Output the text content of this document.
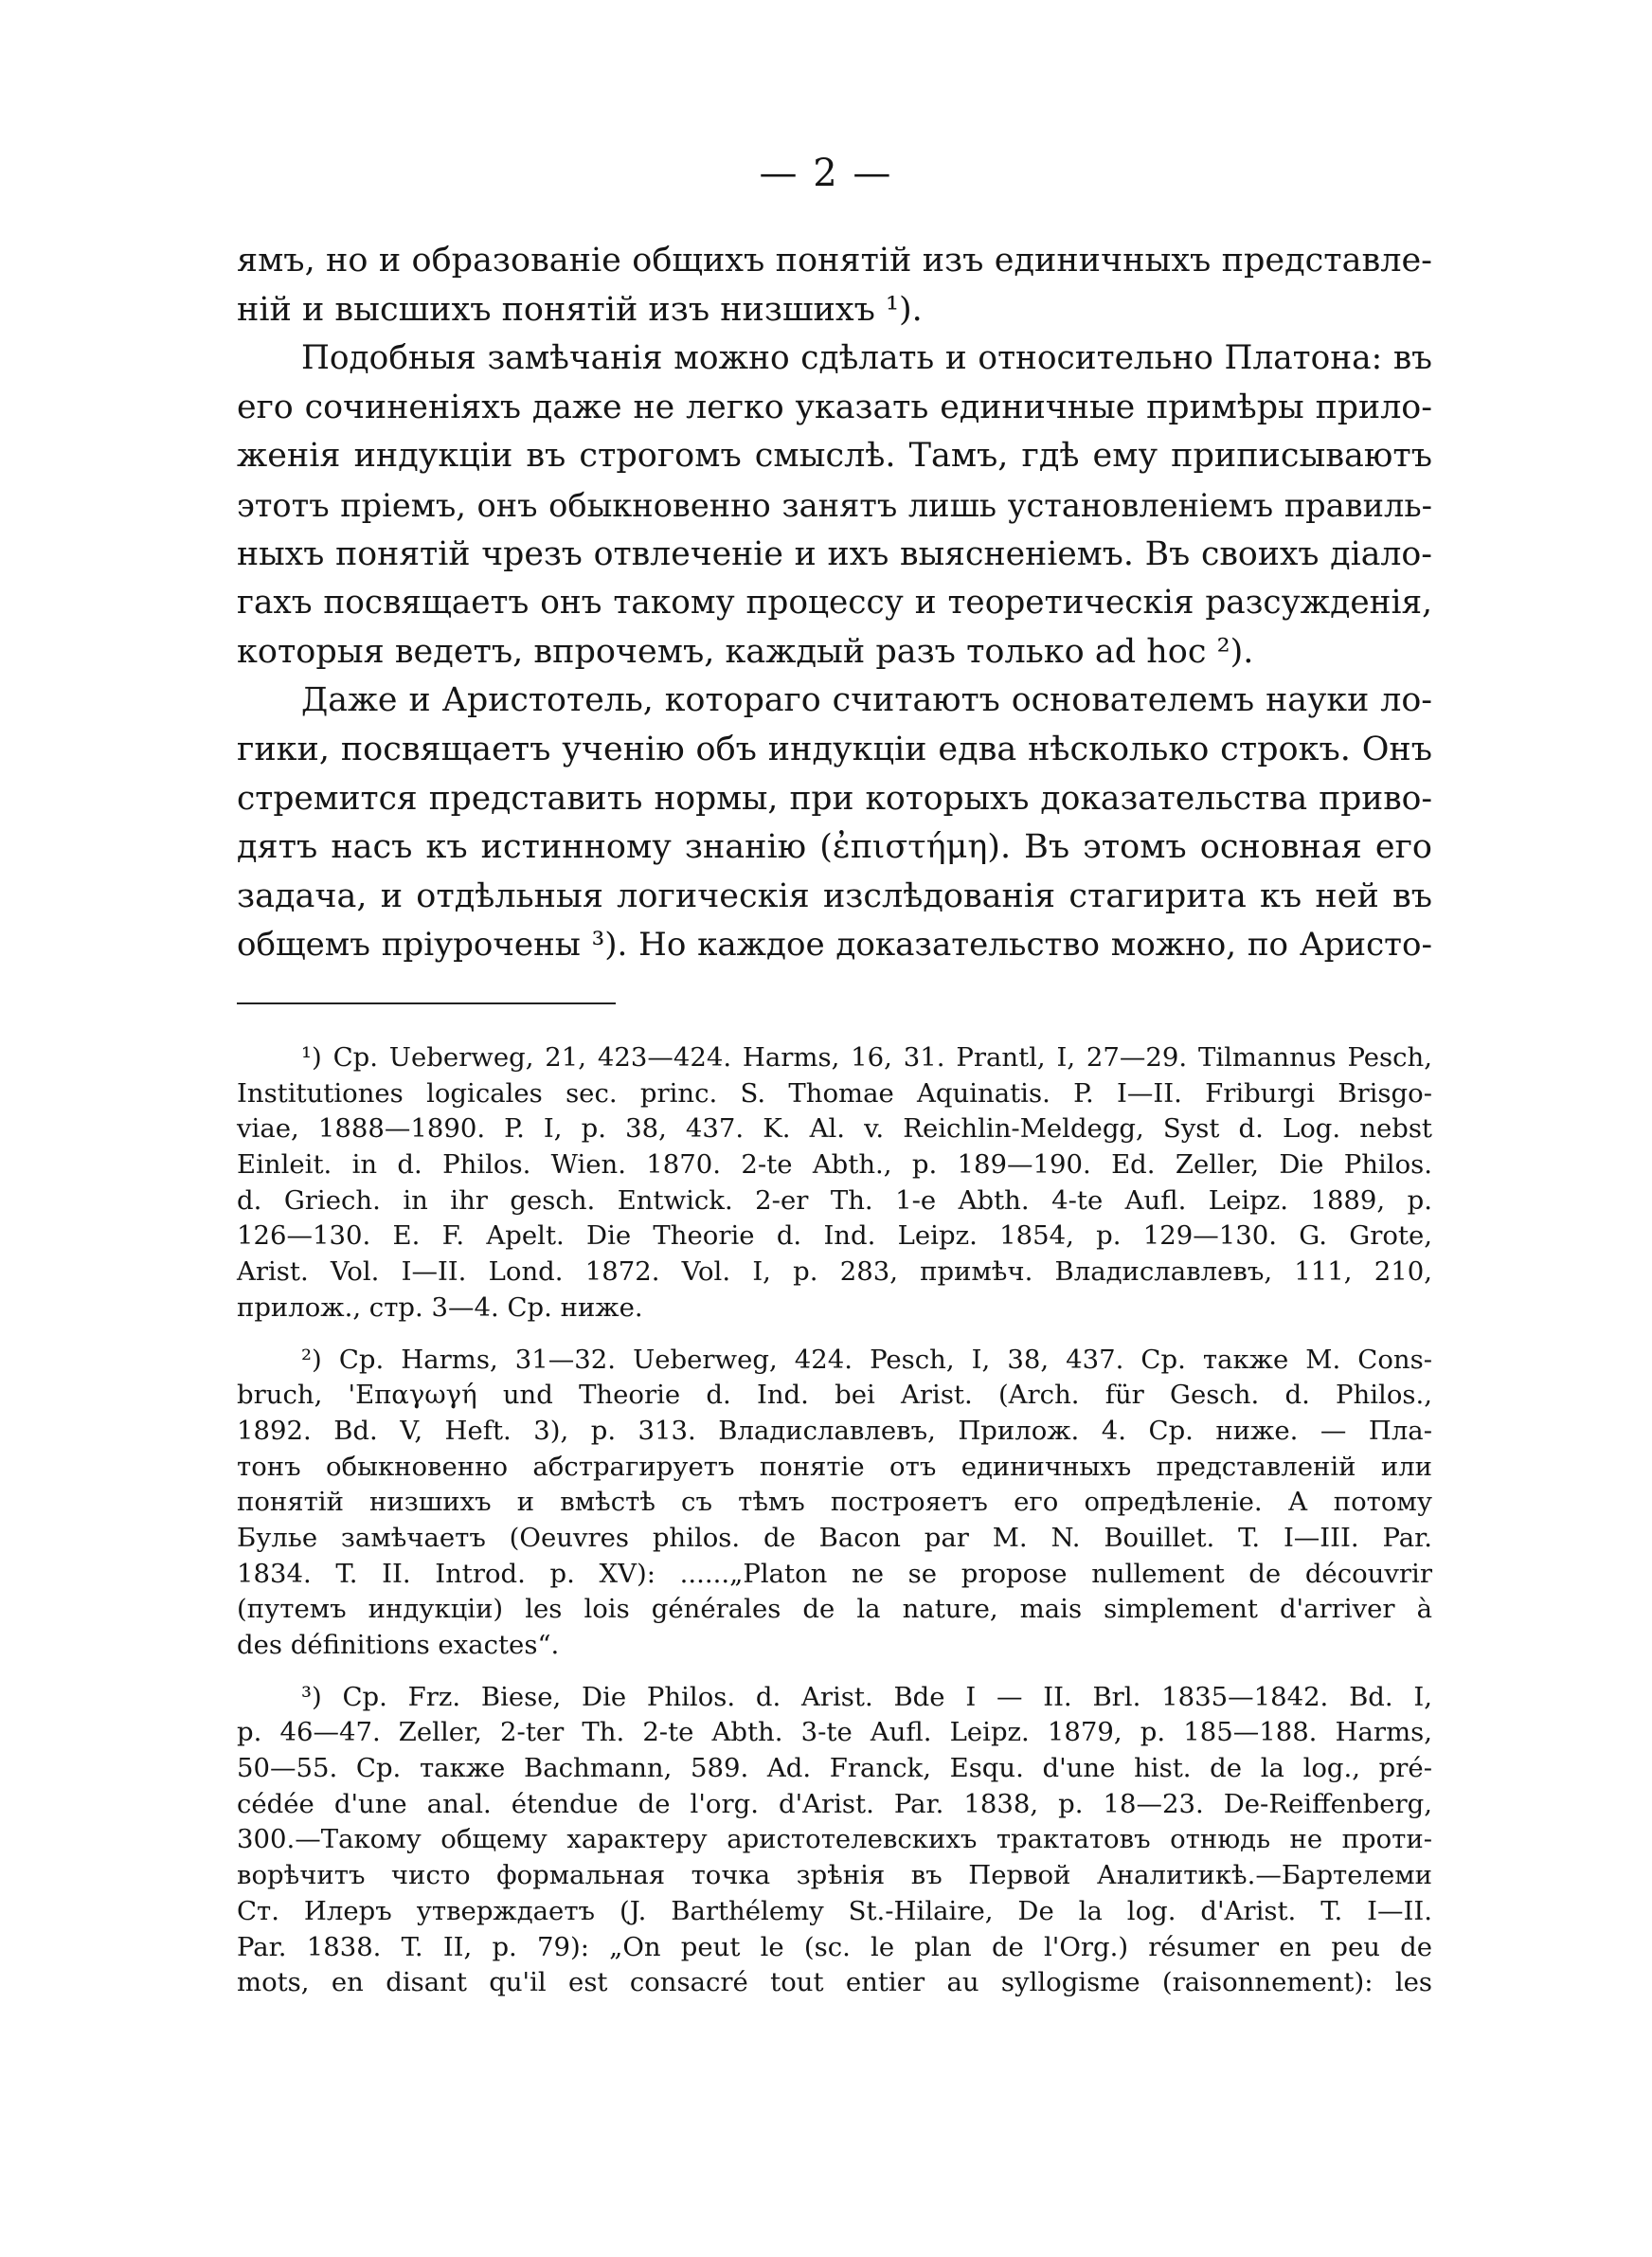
— 2 —
ямъ, но и образованіе общихъ понятій изъ единичныхъ представле-
ній и высшихъ понятій изъ низшихъ ¹).
Подобныя замѣчанія можно сдѣлать и относительно Платона: въ
его сочиненіяхъ даже не легко указать единичные примѣры прило-
женія индукціи въ строгомъ смыслѣ. Тамъ, гдѣ ему приписываютъ
этотъ пріемъ, онъ обыкновенно занятъ лишь установленіемъ правиль-
ныхъ понятій чрезъ отвлеченіе и ихъ выясненіемъ. Въ своихъ діало-
гахъ посвящаетъ онъ такому процессу и теоретическія разсужденія,
которыя ведетъ, впрочемъ, каждый разъ только ad hoc ²).
Даже и Аристотель, котораго считаютъ основателемъ науки ло-
гики, посвящаетъ ученію объ индукціи едва нѣсколько строкъ. Онъ
стремится представить нормы, при которыхъ доказательства приво-
дятъ насъ къ истинному знанію (ἐπιστήμη). Въ этомъ основная его
задача, и отдѣльныя логическія изслѣдованія стагирита къ ней въ
общемъ пріурочены ³). Но каждое доказательство можно, по Аристо-
¹) Ср. Ueberweg, 21, 423—424. Harms, 16, 31. Prantl, I, 27—29. Tilmannus Pesch,
Institutiones logicales sec. princ. S. Thomae Aquinatis. P. I—II. Friburgi Brisgo-
viae, 1888—1890. P. I, p. 38, 437. K. Al. v. Reichlin-Meldegg, Syst d. Log. nebst
Einleit. in d. Philos. Wien. 1870. 2-te Abth., p. 189—190. Ed. Zeller, Die Philos.
d. Griech. in ihr gesch. Entwick. 2-er Th. 1-e Abth. 4-te Aufl. Leipz. 1889, p.
126—130. E. F. Apelt. Die Theorie d. Ind. Leipz. 1854, p. 129—130. G. Grote,
Arist. Vol. I—II. Lond. 1872. Vol. I, p. 283, примѣч. Владиславлевъ, 111, 210,
прилож., стр. 3—4. Ср. ниже.
²) Ср. Harms, 31—32. Ueberweg, 424. Pesch, I, 38, 437. Ср. также M. Cons-
bruch, 'Επαγωγή und Theorie d. Ind. bei Arist. (Arch. für Gesch. d. Philos.,
1892. Bd. V, Heft. 3), p. 313. Владиславлевъ, Прилож. 4. Ср. ниже. — Пла-
тонъ обыкновенно абстрагируетъ понятіе отъ единичныхъ представленій или
понятій низшихъ и вмѣстѣ съ тѣмъ построяетъ его опредѣленіе. А потому
Булье замѣчаетъ (Oeuvres philos. de Bacon par M. N. Bouillet. T. I—III. Par.
1834. T. II. Introd. p. XV): ......„Platon ne se propose nullement de découvrir
(путемъ индукціи) les lois générales de la nature, mais simplement d'arriver à
des définitions exactes“.
³) Ср. Frz. Biese, Die Philos. d. Arist. Bde I — II. Brl. 1835—1842. Bd. I,
p. 46—47. Zeller, 2-ter Th. 2-te Abth. 3-te Aufl. Leipz. 1879, p. 185—188. Harms,
50—55. Ср. также Bachmann, 589. Ad. Franck, Esqu. d'une hist. de la log., pré-
cédée d'une anal. étendue de l'org. d'Arist. Par. 1838, p. 18—23. De-Reiffenberg,
300.—Такому общему характеру аристотелевскихъ трактатовъ отнюдь не проти-
ворѣчитъ чисто формальная точка зрѣнія въ Первой Аналитикѣ.—Бартелеми
Ст. Илеръ утверждаетъ (J. Barthélemy St.-Hilaire, De la log. d'Arist. T. I—II.
Par. 1838. T. II, p. 79): „On peut le (sc. le plan de l'Org.) résumer en peu de
mots, en disant qu'il est consacré tout entier au syllogisme (raisonnement): les
